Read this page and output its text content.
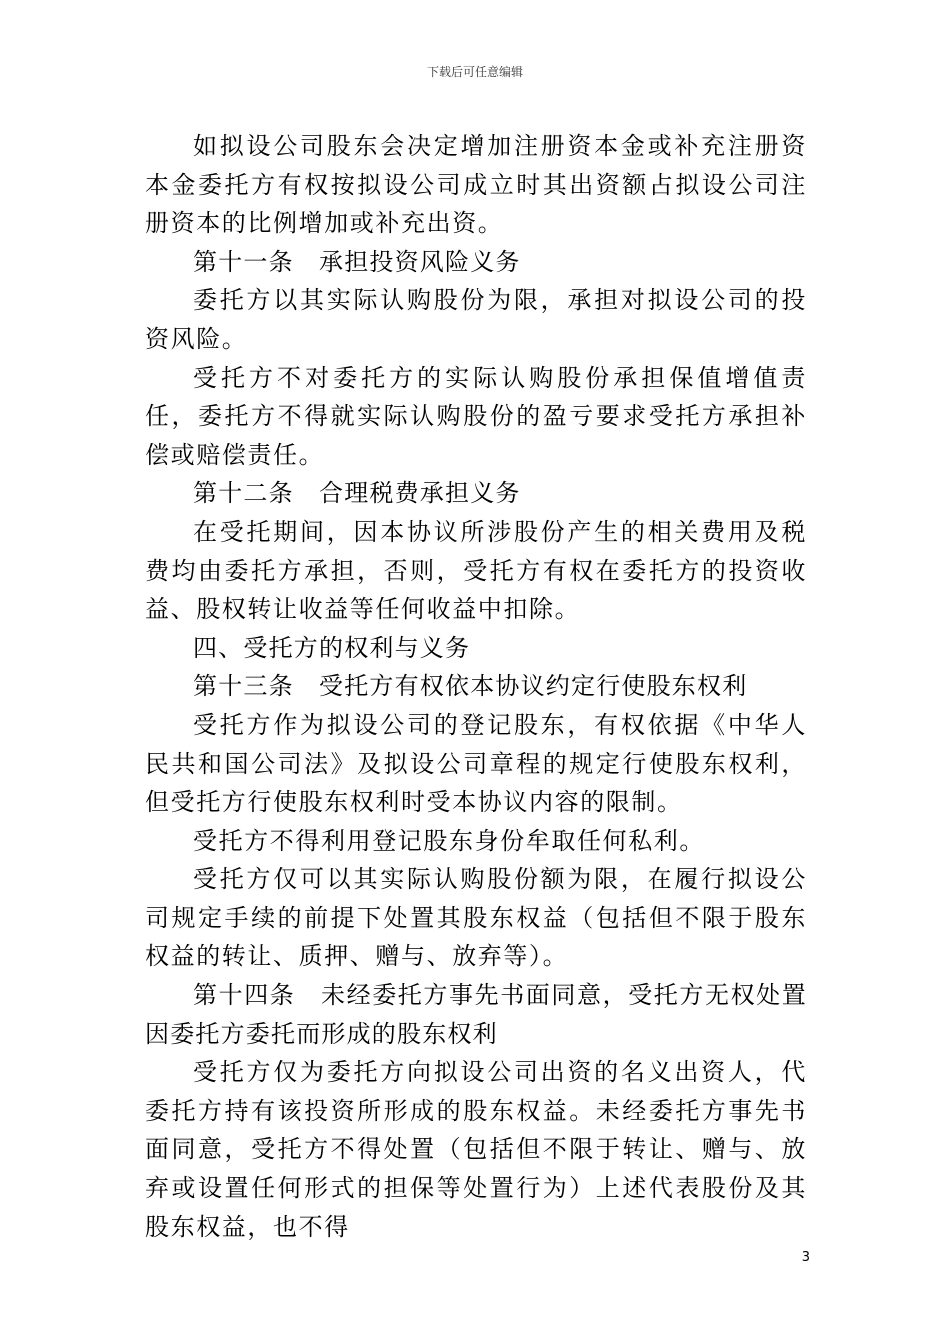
下载后可任意编辑

如拟设公司股东会决定增加注册资本金或补充注册资本金委托方有权按拟设公司成立时其出资额占拟设公司注册资本的比例增加或补充出资。

第十一条　承担投资风险义务

委托方以其实际认购股份为限，承担对拟设公司的投资风险。

受托方不对委托方的实际认购股份承担保值增值责任，委托方不得就实际认购股份的盈亏要求受托方承担补偿或赔偿责任。

第十二条　合理税费承担义务

在受托期间，因本协议所涉股份产生的相关费用及税费均由委托方承担，否则，受托方有权在委托方的投资收益、股权转让收益等任何收益中扣除。

四、受托方的权利与义务

第十三条　受托方有权依本协议约定行使股东权利

受托方作为拟设公司的登记股东，有权依据《中华人民共和国公司法》及拟设公司章程的规定行使股东权利，但受托方行使股东权利时受本协议内容的限制。

受托方不得利用登记股东身份牟取任何私利。

受托方仅可以其实际认购股份额为限，在履行拟设公司规定手续的前提下处置其股东权益（包括但不限于股东权益的转让、质押、赠与、放弃等）。

第十四条　未经委托方事先书面同意，受托方无权处置因委托方委托而形成的股东权利

受托方仅为委托方向拟设公司出资的名义出资人，代委托方持有该投资所形成的股东权益。未经委托方事先书面同意，受托方不得处置（包括但不限于转让、赠与、放弃或设置任何形式的担保等处置行为）上述代表股份及其股东权益，也不得

3
